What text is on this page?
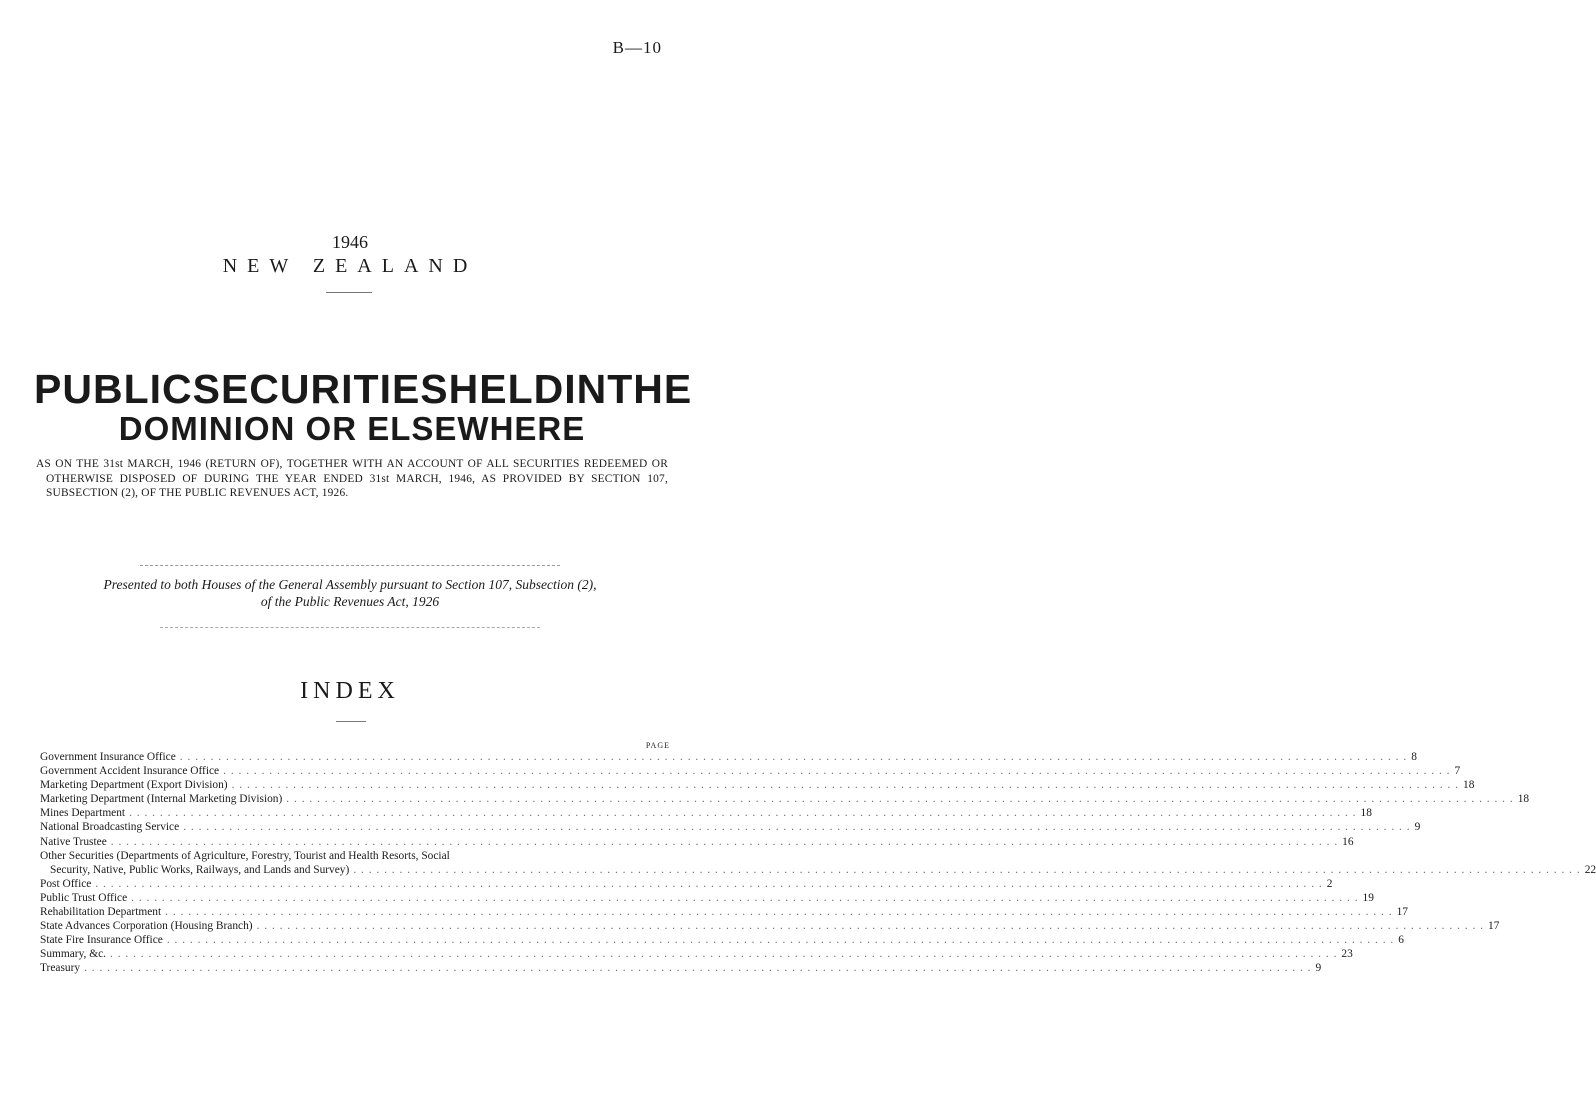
B—10
1946
NEW ZEALAND
PUBLIC SECURITIES HELD IN THE
DOMINION OR ELSEWHERE
AS ON THE 31st MARCH, 1946 (RETURN OF), TOGETHER WITH AN ACCOUNT OF ALL SECURITIES REDEEMED OR OTHERWISE DISPOSED OF DURING THE YEAR ENDED 31st MARCH, 1946, AS PROVIDED BY SECTION 107, SUBSECTION (2), OF THE PUBLIC REVENUES ACT, 1926.
Presented to both Houses of the General Assembly pursuant to Section 107, Subsection (2),
of the Public Revenues Act, 1926
INDEX
PAGE
Government Insurance Office . . . . . . . . . . . . . . . . . . . . . . . . . . . . . . . . . . . . . . . . . . . . . . . . . . . . . . . . . . . . . . . . . . . . . . . . . . . . . . . . . . . . . . . . . . . . . . . . . . . . . . . . . . . . . . . . . . . . . . . . . . . . . . . . . . . . . . . . . . . . . . . . . . . . . . . . . . . . . . . . 8
Government Accident Insurance Office . . . . . . . . . . . . . . . . . . . . . . . . . . . . . . . . . . . . . . . . . . . . . . . . . . . . . . . . . . . . . . . . . . . . . . . . . . . . . . . . . . . . . . . . . . . . . . . . . . . . . . . . . . . . . . . . . . . . . . . . . . . . . . . . . . . . . . . . . . . . . . . . . . . . . . . . . . . . . . . . 7
Marketing Department (Export Division) . . . . . . . . . . . . . . . . . . . . . . . . . . . . . . . . . . . . . . . . . . . . . . . . . . . . . . . . . . . . . . . . . . . . . . . . . . . . . . . . . . . . . . . . . . . . . . . . . . . . . . . . . . . . . . . . . . . . . . . . . . . . . . . . . . . . . . . . . . . . . . . . . . . . . . . . . . . . . . . . 18
Marketing Department (Internal Marketing Division) . . . . . . . . . . . . . . . . . . . . . . . . . . . . . . . . . . . . . . . . . . . . . . . . . . . . . . . . . . . . . . . . . . . . . . . . . . . . . . . . . . . . . . . . . . . . . . . . . . . . . . . . . . . . . . . . . . . . . . . . . . . . . . . . . . . . . . . . . . . . . . . . . . . . . . . . . . . . . . . . 18
Mines Department . . . . . . . . . . . . . . . . . . . . . . . . . . . . . . . . . . . . . . . . . . . . . . . . . . . . . . . . . . . . . . . . . . . . . . . . . . . . . . . . . . . . . . . . . . . . . . . . . . . . . . . . . . . . . . . . . . . . . . . . . . . . . . . . . . . . . . . . . . . . . . . . . . . . . . . . . . . . . . . . 18
National Broadcasting Service . . . . . . . . . . . . . . . . . . . . . . . . . . . . . . . . . . . . . . . . . . . . . . . . . . . . . . . . . . . . . . . . . . . . . . . . . . . . . . . . . . . . . . . . . . . . . . . . . . . . . . . . . . . . . . . . . . . . . . . . . . . . . . . . . . . . . . . . . . . . . . . . . . . . . . . . . . . . . . . . 9
Native Trustee . . . . . . . . . . . . . . . . . . . . . . . . . . . . . . . . . . . . . . . . . . . . . . . . . . . . . . . . . . . . . . . . . . . . . . . . . . . . . . . . . . . . . . . . . . . . . . . . . . . . . . . . . . . . . . . . . . . . . . . . . . . . . . . . . . . . . . . . . . . . . . . . . . . . . . . . . . . . . . . . 16
Other Securities (Departments of Agriculture, Forestry, Tourist and Health Resorts, Social
Security, Native, Public Works, Railways, and Lands and Survey) . . . . . . . . . . . . . . . . . . . . . . . . . . . . . . . . . . . . . . . . . . . . . . . . . . . . . . . . . . . . . . . . . . . . . . . . . . . . . . . . . . . . . . . . . . . . . . . . . . . . . . . . . . . . . . . . . . . . . . . . . . . . . . . . . . . . . . . . . . . . . . . . . . . . . . . . . . . . . . . . 22
Post Office . . . . . . . . . . . . . . . . . . . . . . . . . . . . . . . . . . . . . . . . . . . . . . . . . . . . . . . . . . . . . . . . . . . . . . . . . . . . . . . . . . . . . . . . . . . . . . . . . . . . . . . . . . . . . . . . . . . . . . . . . . . . . . . . . . . . . . . . . . . . . . . . . . . . . . . . . . . . . . . . 2
Public Trust Office . . . . . . . . . . . . . . . . . . . . . . . . . . . . . . . . . . . . . . . . . . . . . . . . . . . . . . . . . . . . . . . . . . . . . . . . . . . . . . . . . . . . . . . . . . . . . . . . . . . . . . . . . . . . . . . . . . . . . . . . . . . . . . . . . . . . . . . . . . . . . . . . . . . . . . . . . . . . . . . . 19
Rehabilitation Department . . . . . . . . . . . . . . . . . . . . . . . . . . . . . . . . . . . . . . . . . . . . . . . . . . . . . . . . . . . . . . . . . . . . . . . . . . . . . . . . . . . . . . . . . . . . . . . . . . . . . . . . . . . . . . . . . . . . . . . . . . . . . . . . . . . . . . . . . . . . . . . . . . . . . . . . . . . . . . . . 17
State Advances Corporation (Housing Branch) . . . . . . . . . . . . . . . . . . . . . . . . . . . . . . . . . . . . . . . . . . . . . . . . . . . . . . . . . . . . . . . . . . . . . . . . . . . . . . . . . . . . . . . . . . . . . . . . . . . . . . . . . . . . . . . . . . . . . . . . . . . . . . . . . . . . . . . . . . . . . . . . . . . . . . . . . . . . . . . . 17
State Fire Insurance Office . . . . . . . . . . . . . . . . . . . . . . . . . . . . . . . . . . . . . . . . . . . . . . . . . . . . . . . . . . . . . . . . . . . . . . . . . . . . . . . . . . . . . . . . . . . . . . . . . . . . . . . . . . . . . . . . . . . . . . . . . . . . . . . . . . . . . . . . . . . . . . . . . . . . . . . . . . . . . . . . 6
Summary, &c. . . . . . . . . . . . . . . . . . . . . . . . . . . . . . . . . . . . . . . . . . . . . . . . . . . . . . . . . . . . . . . . . . . . . . . . . . . . . . . . . . . . . . . . . . . . . . . . . . . . . . . . . . . . . . . . . . . . . . . . . . . . . . . . . . . . . . . . . . . . . . . . . . . . . . . . . . . . . . . . . 23
Treasury . . . . . . . . . . . . . . . . . . . . . . . . . . . . . . . . . . . . . . . . . . . . . . . . . . . . . . . . . . . . . . . . . . . . . . . . . . . . . . . . . . . . . . . . . . . . . . . . . . . . . . . . . . . . . . . . . . . . . . . . . . . . . . . . . . . . . . . . . . . . . . . . . . . . . . . . . . . . . . . . 9
